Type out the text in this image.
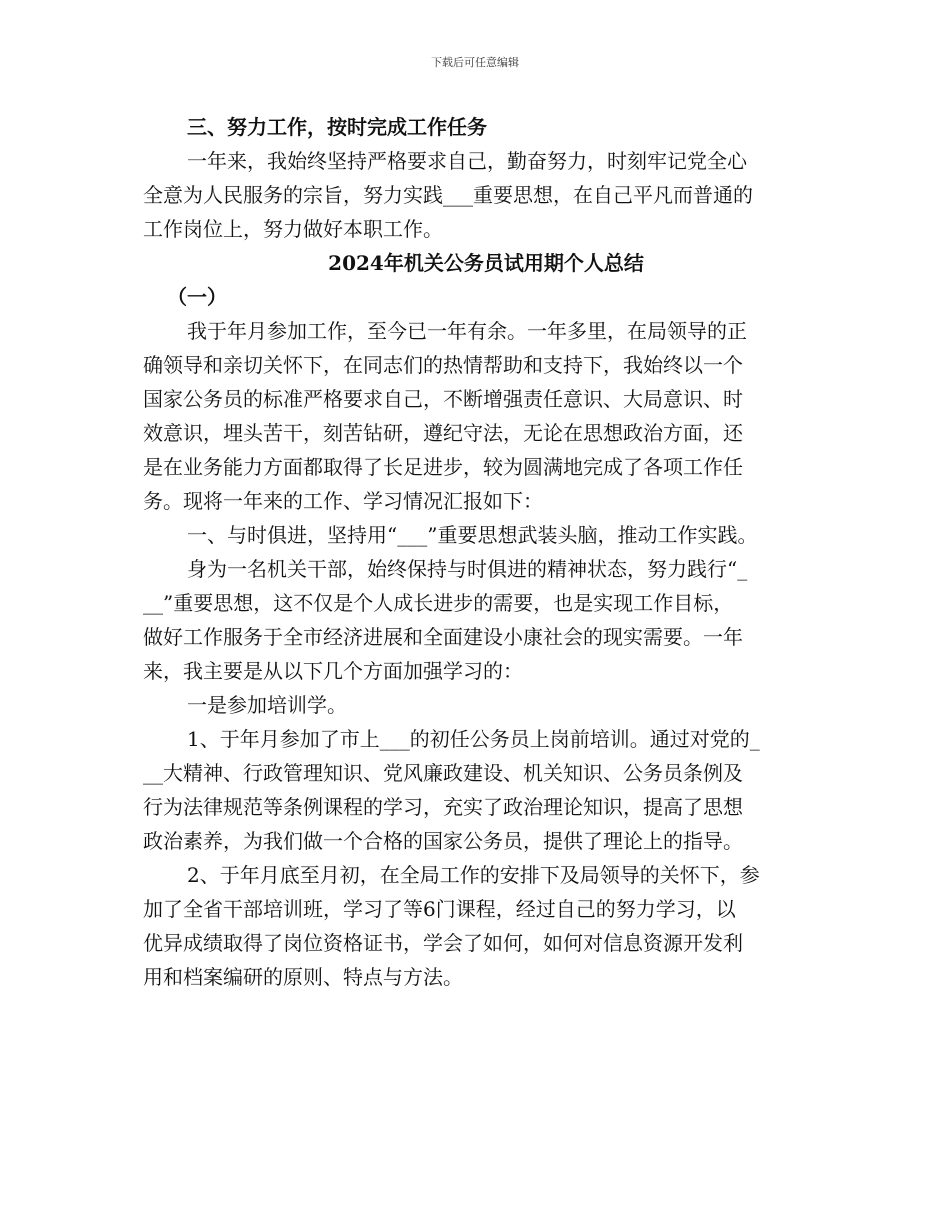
下载后可任意编辑
三、努力工作，按时完成工作任务
一年来，我始终坚持严格要求自己，勤奋努力，时刻牢记党全心
全意为人民服务的宗旨，努力实践___重要思想，在自己平凡而普通的
工作岗位上，努力做好本职工作。
2024年机关公务员试用期个人总结
（一）
我于年月参加工作，至今已一年有余。一年多里，在局领导的正
确领导和亲切关怀下，在同志们的热情帮助和支持下，我始终以一个
国家公务员的标准严格要求自己，不断增强责任意识、大局意识、时
效意识，埋头苦干，刻苦钻研，遵纪守法，无论在思想政治方面，还
是在业务能力方面都取得了长足进步，较为圆满地完成了各项工作任
务。现将一年来的工作、学习情况汇报如下：
一、与时俱进，坚持用“___”重要思想武装头脑，推动工作实践。
身为一名机关干部，始终保持与时俱进的精神状态，努力践行“_
__”重要思想，这不仅是个人成长进步的需要，也是实现工作目标，
做好工作服务于全市经济进展和全面建设小康社会的现实需要。一年
来，我主要是从以下几个方面加强学习的：
一是参加培训学。
1、于年月参加了市上___的初任公务员上岗前培训。通过对党的_
__大精神、行政管理知识、党风廉政建设、机关知识、公务员条例及
行为法律规范等条例课程的学习，充实了政治理论知识，提高了思想
政治素养，为我们做一个合格的国家公务员，提供了理论上的指导。
2、于年月底至月初，在全局工作的安排下及局领导的关怀下，参
加了全省干部培训班，学习了等6门课程，经过自己的努力学习，以
优异成绩取得了岗位资格证书，学会了如何，如何对信息资源开发利
用和档案编研的原则、特点与方法。
